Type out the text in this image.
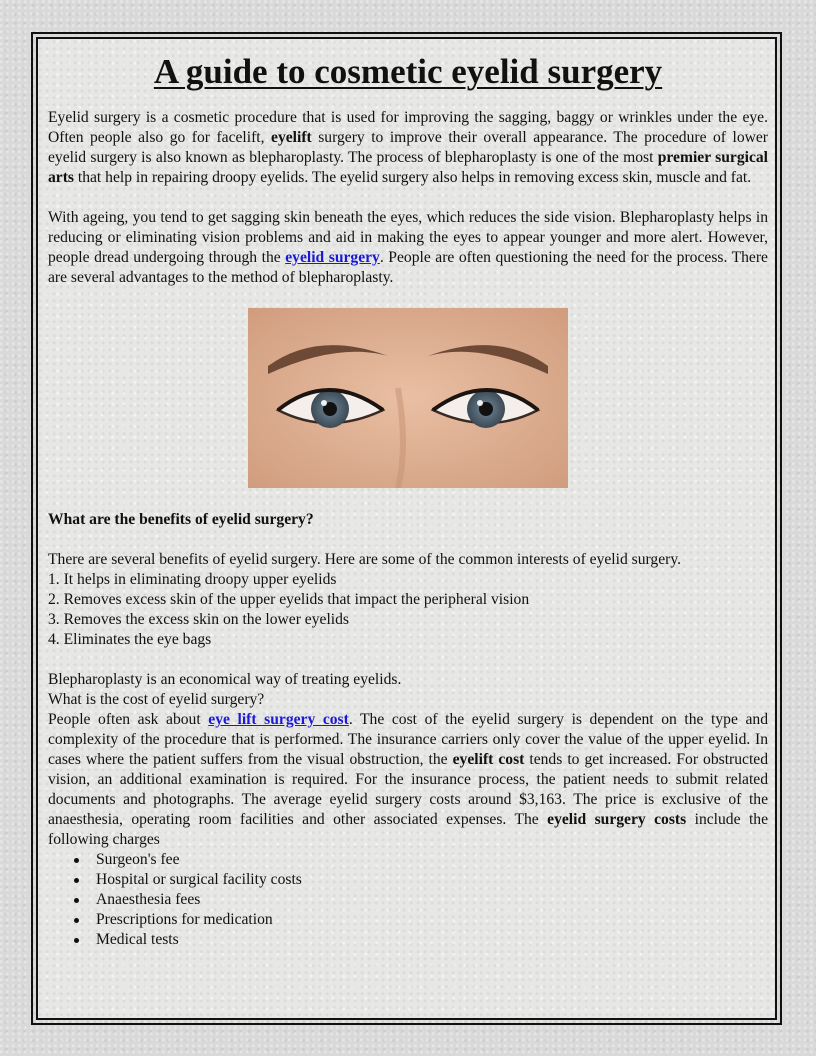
A guide to cosmetic eyelid surgery

Eyelid surgery is a cosmetic procedure that is used for improving the sagging, baggy or wrinkles under the eye. Often people also go for facelift, eyelift surgery to improve their overall appearance. The procedure of lower eyelid surgery is also known as blepharoplasty. The process of blepharoplasty is one of the most premier surgical arts that help in repairing droopy eyelids. The eyelid surgery also helps in removing excess skin, muscle and fat.

With ageing, you tend to get sagging skin beneath the eyes, which reduces the side vision. Blepharoplasty helps in reducing or eliminating vision problems and aid in making the eyes to appear younger and more alert. However, people dread undergoing through the eyelid surgery. People are often questioning the need for the process. There are several advantages to the method of blepharoplasty.

What are the benefits of eyelid surgery?

There are several benefits of eyelid surgery. Here are some of the common interests of eyelid surgery.

1. It helps in eliminating droopy upper eyelids
2. Removes excess skin of the upper eyelids that impact the peripheral vision
3. Removes the excess skin on the lower eyelids
4. Eliminates the eye bags

Blepharoplasty is an economical way of treating eyelids.

What is the cost of eyelid surgery?

People often ask about eye lift surgery cost. The cost of the eyelid surgery is dependent on the type and complexity of the procedure that is performed. The insurance carriers only cover the value of the upper eyelid. In cases where the patient suffers from the visual obstruction, the eyelift cost tends to get increased. For obstructed vision, an additional examination is required. For the insurance process, the patient needs to submit related documents and photographs. The average eyelid surgery costs around $3,163. The price is exclusive of the anaesthesia, operating room facilities and other associated expenses. The eyelid surgery costs include the following charges

Surgeon's fee
Hospital or surgical facility costs
Anaesthesia fees
Prescriptions for medication
Medical tests
